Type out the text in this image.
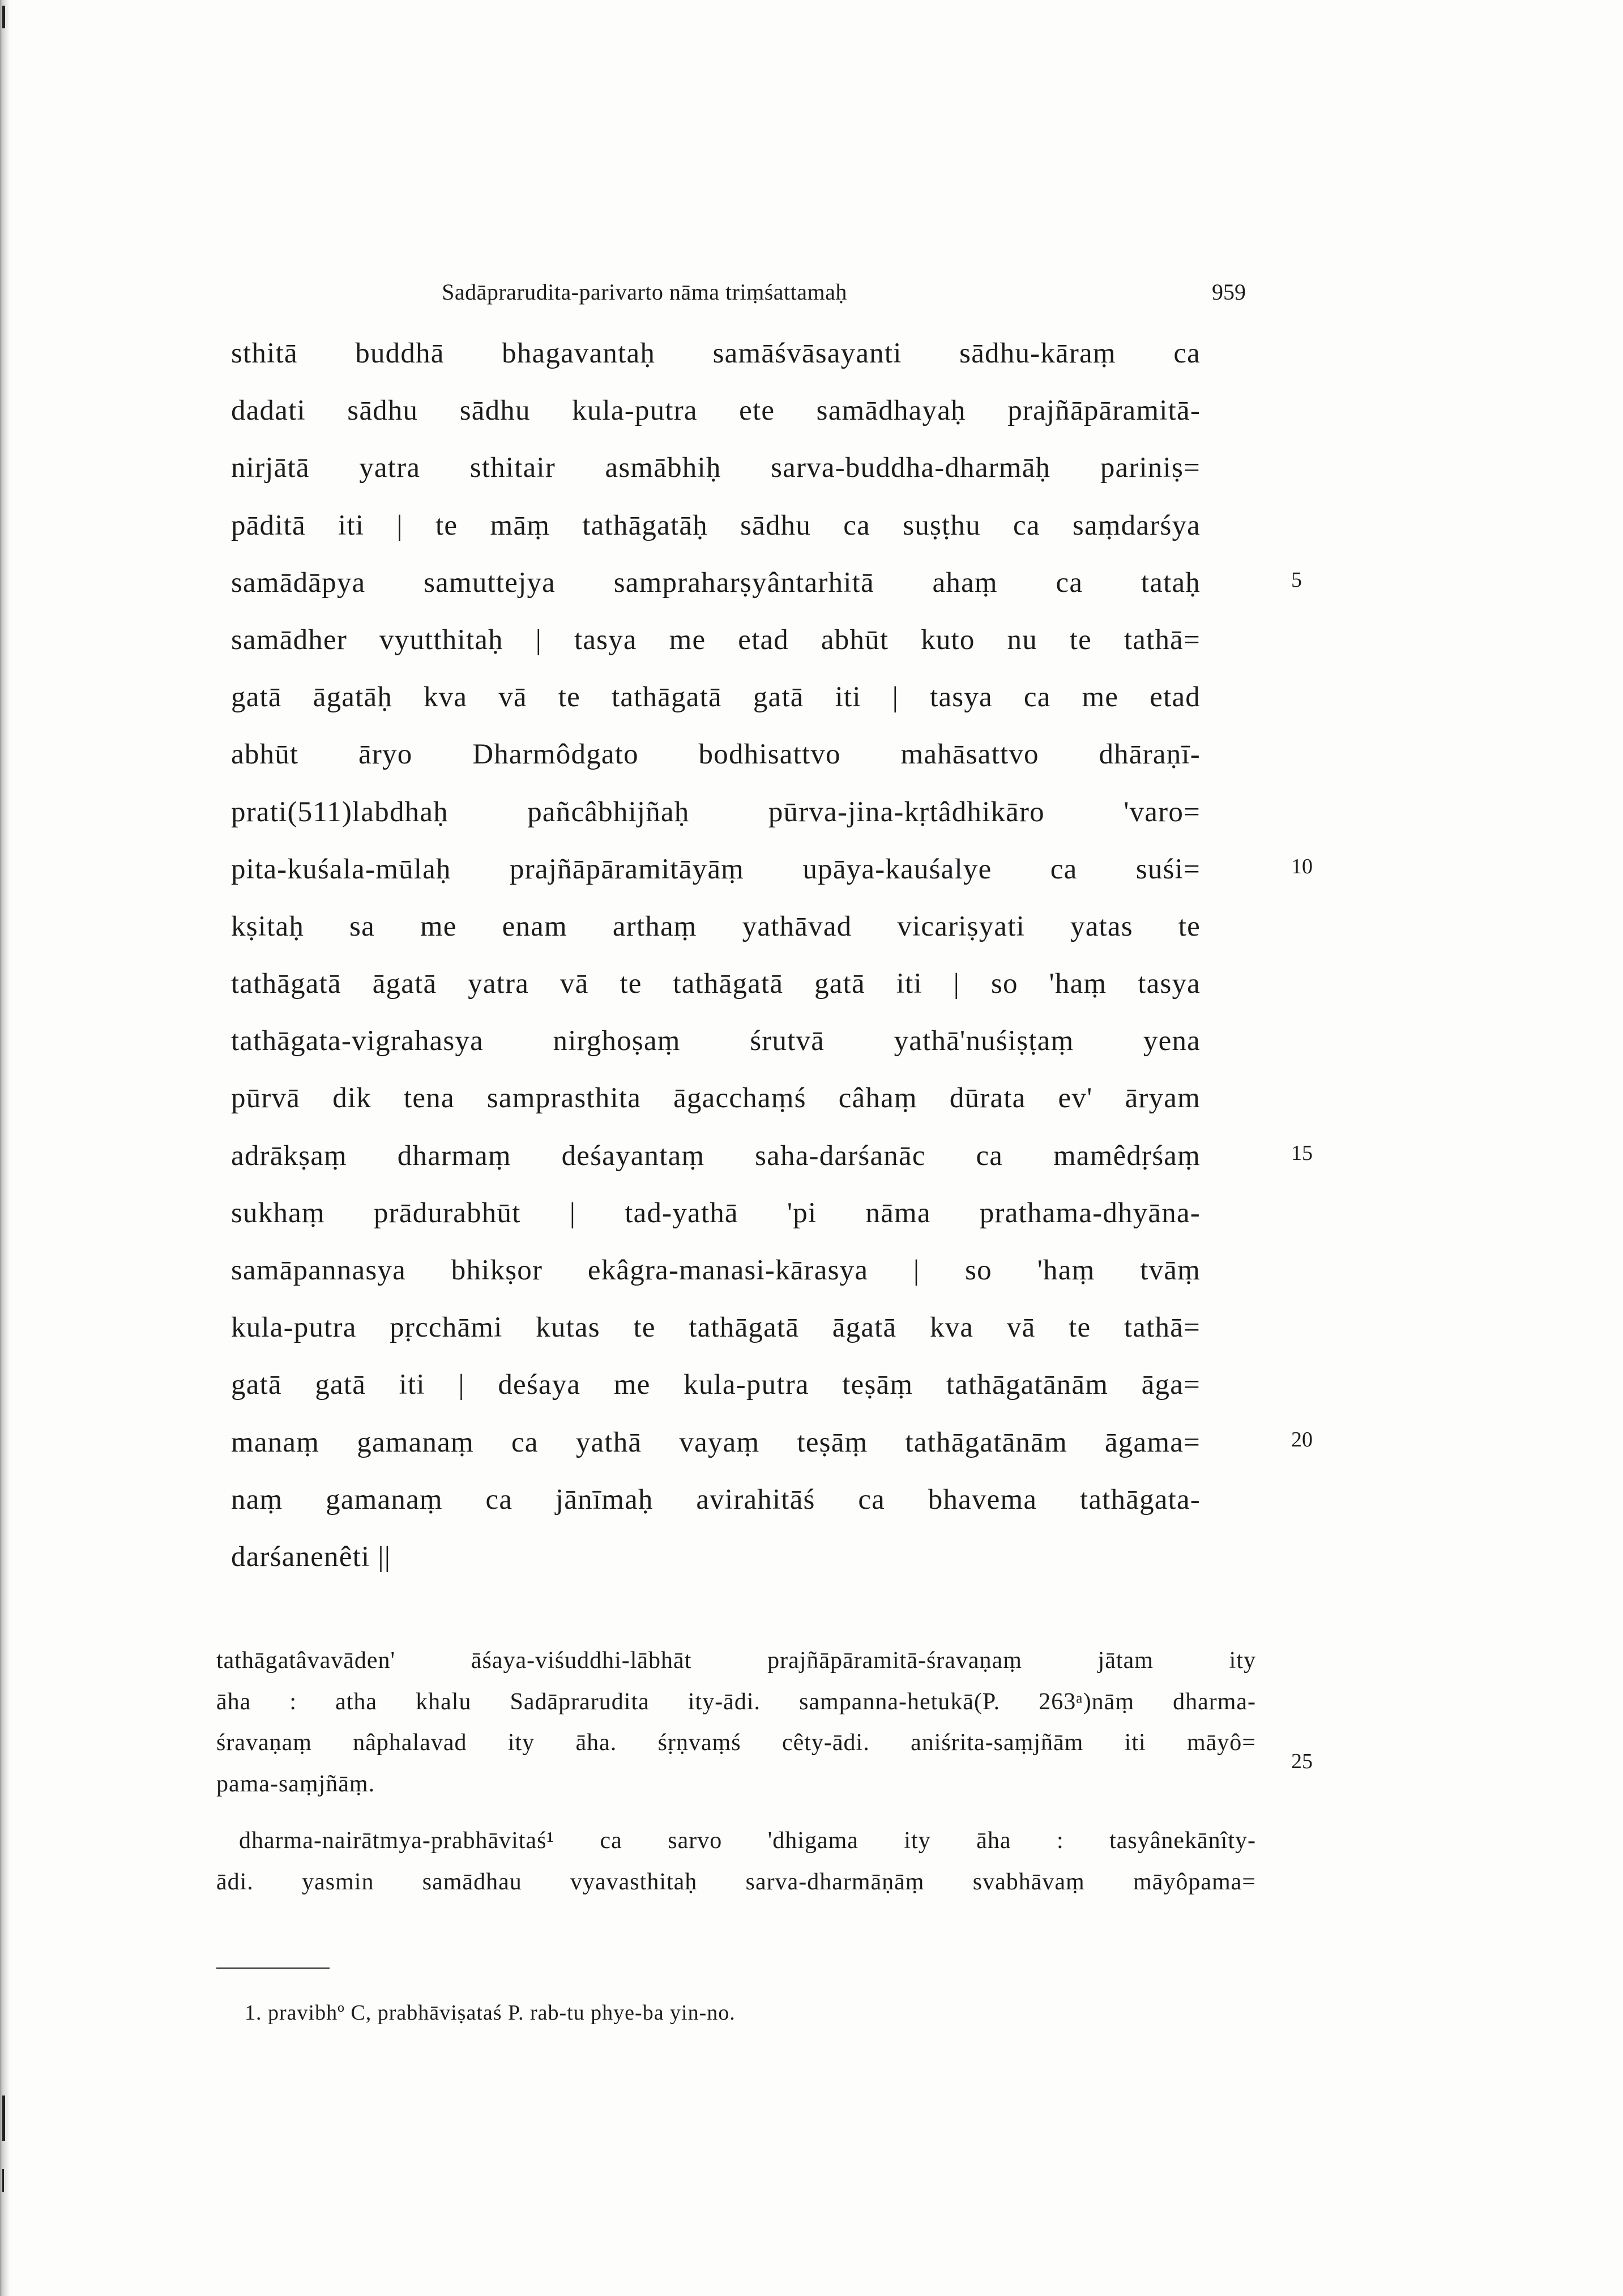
Sadāprarudita-parivarto nāma triṃśattamaḥ	959
sthitā buddhā bhagavantaḥ samāśvāsayanti sādhu-kāraṃ ca
dadati sādhu sādhu kula-putra ete samādhayaḥ prajñāpāramitā-
nirjātā yatra sthitair asmābhiḥ sarva-buddha-dharmāḥ pariniṣ=
pāditā iti | te māṃ tathāgatāḥ sādhu ca suṣṭhu ca saṃdarśya
samādāpya samuttejya sampraharṣyântarhitā ahaṃ ca tataḥ
samādher vyutthitaḥ | tasya me etad abhūt kuto nu te tathā=
gatā āgatāḥ kva vā te tathāgatā gatā iti | tasya ca me etad
abhūt āryo Dharmôdgato bodhisattvo mahāsattvo dhāraṇī-
prati(511)labdhaḥ pañcâbhijñaḥ pūrva-jina-kṛtâdhikāro 'varo=
pita-kuśala-mūlaḥ prajñāpāramitāyāṃ upāya-kauśalye ca suśi=
kṣitaḥ sa me enam arthaṃ yathāvad vicariṣyati yatas te
tathāgatā āgatā yatra vā te tathāgatā gatā iti | so 'haṃ tasya
tathāgata-vigrahasya nirghoṣaṃ śrutvā yathā'nuśiṣṭaṃ yena
pūrvā dik tena samprasthita āgacchaṃś câhaṃ dūrata ev' āryam
adrākṣaṃ dharmaṃ deśayantaṃ saha-darśanāc ca mamêdṛśaṃ
sukhaṃ prādurabhūt | tad-yathā 'pi nāma prathama-dhyāna-
samāpannasya bhikṣor ekâgra-manasi-kārasya | so 'haṃ tvāṃ
kula-putra pṛcchāmi kutas te tathāgatā āgatā kva vā te tathā=
gatā gatā iti | deśaya me kula-putra teṣāṃ tathāgatānām āga=
manaṃ gamanaṃ ca yathā vayaṃ teṣāṃ tathāgatānām āgama=
naṃ gamanaṃ ca jānīmaḥ avirahitāś ca bhavema tathāgata-
darśanenêti ||
5
10
15
20
tathāgatâvavāden' āśaya-viśuddhi-lābhāt prajñāpāramitā-śravaṇaṃ jātam ity
āha : atha khalu Sadāprarudita ity-ādi. sampanna-hetukā(P. 263ᵃ)nāṃ dharma-
śravaṇaṃ nâphalavad ity āha. śṛṇvaṃś cêty-ādi. aniśrita-saṃjñām iti māyô=
pama-saṃjñāṃ.
dharma-nairātmya-prabhāvitaś¹ ca sarvo 'dhigama ity āha : tasyânekānîty-
ādi. yasmin samādhau vyavasthitaḥ sarva-dharmāṇāṃ svabhāvaṃ māyôpama=
25
1. pravibhº C, prabhāviṣataś P. rab-tu phye-ba yin-no.
